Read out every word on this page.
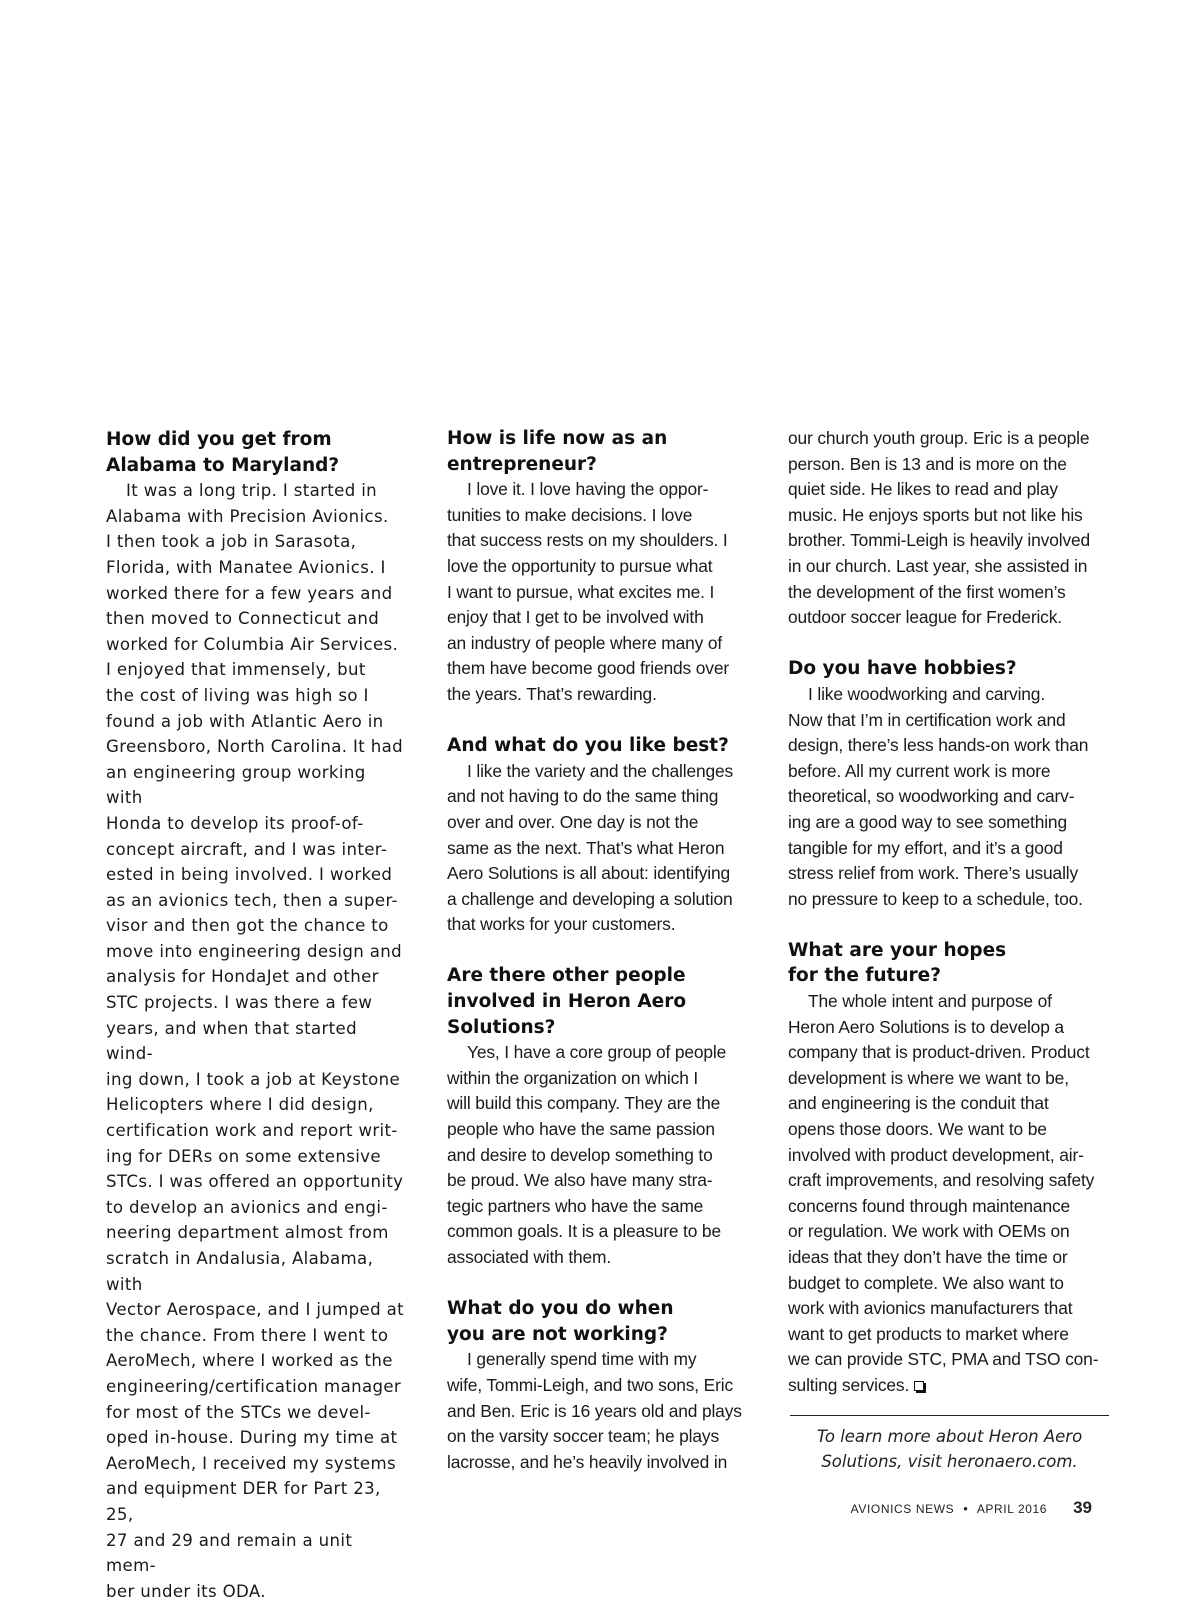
How did you get from
Alabama to Maryland?

It was a long trip. I started in
Alabama with Precision Avionics.
I then took a job in Sarasota,
Florida, with Manatee Avionics. I
worked there for a few years and
then moved to Connecticut and
worked for Columbia Air Services.
I enjoyed that immensely, but
the cost of living was high so I
found a job with Atlantic Aero in
Greensboro, North Carolina. It had
an engineering group working with
Honda to develop its proof-of-
concept aircraft, and I was inter-
ested in being involved. I worked
as an avionics tech, then a super-
visor and then got the chance to
move into engineering design and
analysis for HondaJet and other
STC projects. I was there a few
years, and when that started wind-
ing down, I took a job at Keystone
Helicopters where I did design,
certification work and report writ-
ing for DERs on some extensive
STCs. I was offered an opportunity
to develop an avionics and engi-
neering department almost from
scratch in Andalusia, Alabama, with
Vector Aerospace, and I jumped at
the chance. From there I went to
AeroMech, where I worked as the
engineering/certification manager
for most of the STCs we devel-
oped in-house. During my time at
AeroMech, I received my systems
and equipment DER for Part 23, 25,
27 and 29 and remain a unit mem-
ber under its ODA.

How is life now as an
entrepreneur?

I love it. I love having the oppor-
tunities to make decisions. I love
that success rests on my shoulders. I
love the opportunity to pursue what
I want to pursue, what excites me. I
enjoy that I get to be involved with
an industry of people where many of
them have become good friends over
the years. That’s rewarding.

And what do you like best?

I like the variety and the challenges
and not having to do the same thing
over and over. One day is not the
same as the next. That’s what Heron
Aero Solutions is all about: identifying
a challenge and developing a solution
that works for your customers.

Are there other people
involved in Heron Aero
Solutions?

Yes, I have a core group of people
within the organization on which I
will build this company. They are the
people who have the same passion
and desire to develop something to
be proud. We also have many stra-
tegic partners who have the same
common goals. It is a pleasure to be
associated with them.

What do you do when
you are not working?

I generally spend time with my
wife, Tommi-Leigh, and two sons, Eric
and Ben. Eric is 16 years old and plays
on the varsity soccer team; he plays
lacrosse, and he’s heavily involved in

our church youth group. Eric is a people
person. Ben is 13 and is more on the
quiet side. He likes to read and play
music. He enjoys sports but not like his
brother. Tommi-Leigh is heavily involved
in our church. Last year, she assisted in
the development of the first women’s
outdoor soccer league for Frederick.

Do you have hobbies?

I like woodworking and carving.
Now that I’m in certification work and
design, there’s less hands-on work than
before. All my current work is more
theoretical, so woodworking and carv-
ing are a good way to see something
tangible for my effort, and it’s a good
stress relief from work. There’s usually
no pressure to keep to a schedule, too.

What are your hopes
for the future?

The whole intent and purpose of
Heron Aero Solutions is to develop a
company that is product-driven. Product
development is where we want to be,
and engineering is the conduit that
opens those doors. We want to be
involved with product development, air-
craft improvements, and resolving safety
concerns found through maintenance
or regulation. We work with OEMs on
ideas that they don’t have the time or
budget to complete. We also want to
work with avionics manufacturers that
want to get products to market where
we can provide STC, PMA and TSO con-
sulting services.

To learn more about Heron Aero
Solutions, visit heronaero.com.
AVIONICS NEWS • APRIL 2016 39
